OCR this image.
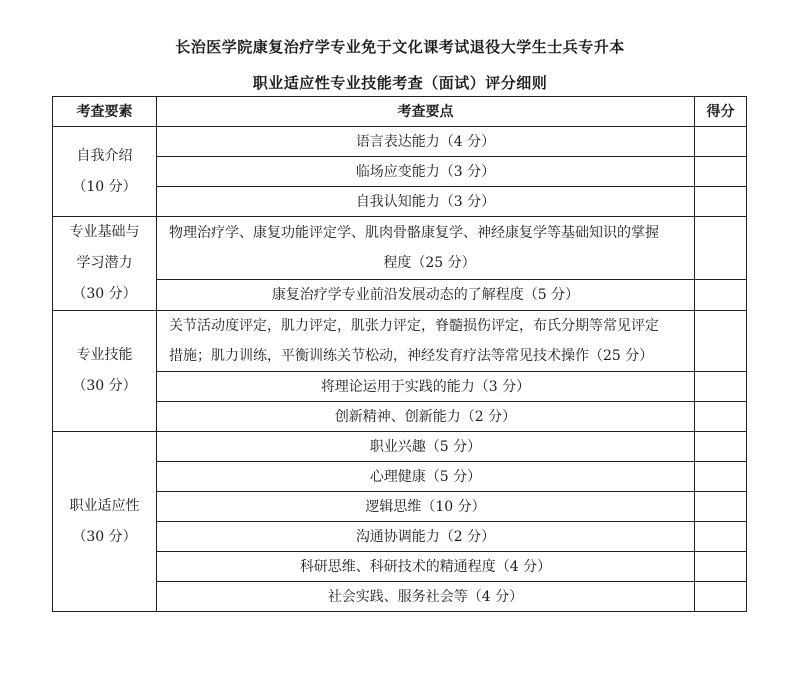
长治医学院康复治疗学专业免于文化课考试退役大学生士兵专升本
职业适应性专业技能考查（面试）评分细则
考查要素	考查要点	得分

自我介绍
（10 分）	语言表达能力（4 分）	
	临场应变能力（3 分）	
	自我认知能力（3 分）	

专业基础与
学习潜力
（30 分）	物理治疗学、康复功能评定学、肌肉骨骼康复学、神经康复学等基础知识的掌握
程度（25 分）	

	康复治疗学专业前沿发展动态的了解程度（5 分）	

专业技能
（30 分）	关节活动度评定，肌力评定，肌张力评定，脊髓损伤评定，布氏分期等常见评定
措施；肌力训练，平衡训练关节松动，神经发育疗法等常见技术操作（25 分）	

	将理论运用于实践的能力（3 分）	
	创新精神、创新能力（2 分）	

职业适应性
（30 分）	职业兴趣（5 分）	
	心理健康（5 分）	
	逻辑思维（10 分）	
	沟通协调能力（2 分）	
	科研思维、科研技术的精通程度（4 分）	
	社会实践、服务社会等（4 分）	
